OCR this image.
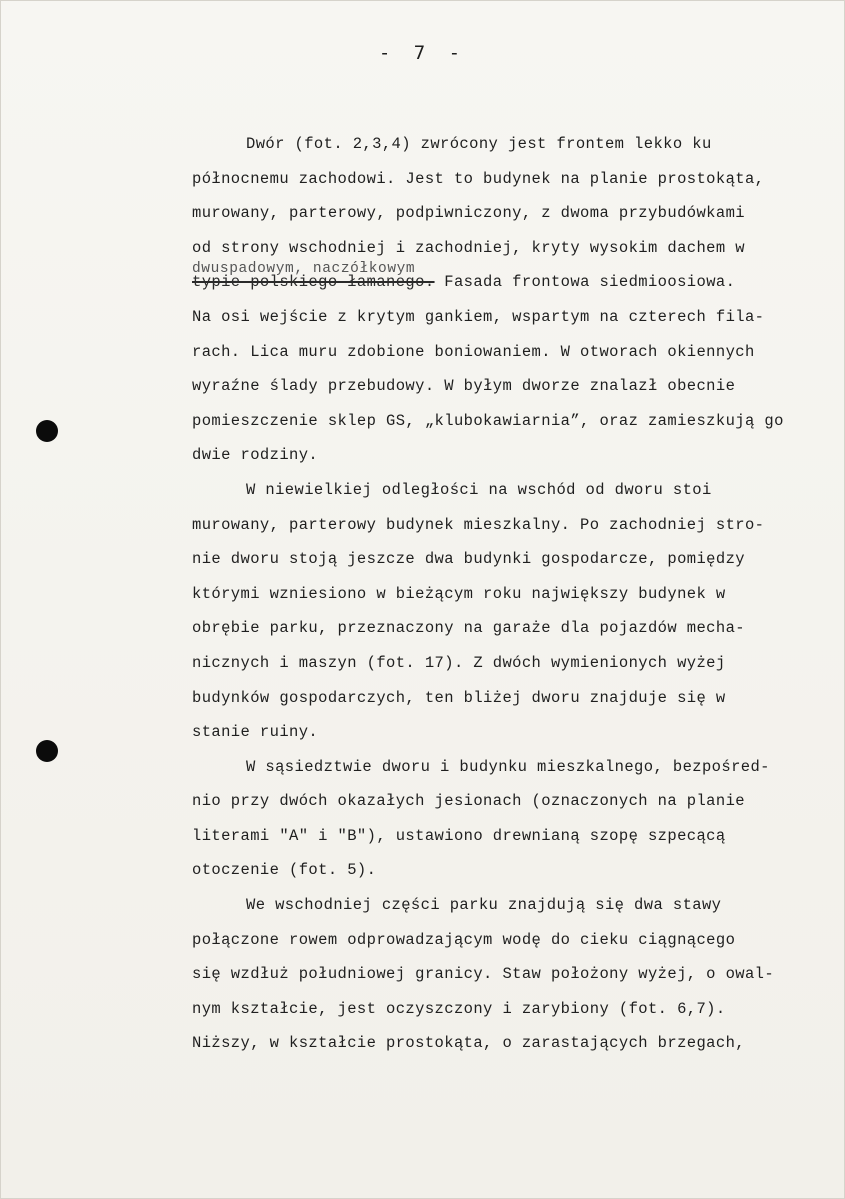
- 7 -
Dwór (fot. 2,3,4) zwrócony jest frontem lekko ku
północnemu zachodowi. Jest to budynek na planie prostokąta,
murowany, parterowy, podpiwniczony, z dwoma przybudówkami
od strony wschodniej i zachodniej, kryty wysokim dachem w
dwuspadowym, naczółkowym
typie polskiego łamanego. Fasada frontowa siedmioosiowa.
Na osi wejście z krytym gankiem, wspartym na czterech fila-
rach. Lica muru zdobione boniowaniem. W otworach okiennych
wyraźne ślady przebudowy. W byłym dworze znalazł obecnie
pomieszczenie sklep GS, „klubokawiarnia”, oraz zamieszkują go
dwie rodziny.
W niewielkiej odległości na wschód od dworu stoi
murowany, parterowy budynek mieszkalny. Po zachodniej stro-
nie dworu stoją jeszcze dwa budynki gospodarcze, pomiędzy
którymi wzniesiono w bieżącym roku największy budynek w
obrębie parku, przeznaczony na garaże dla pojazdów mecha-
nicznych i maszyn (fot. 17). Z dwóch wymienionych wyżej
budynków gospodarczych, ten bliżej dworu znajduje się w
stanie ruiny.
W sąsiedztwie dworu i budynku mieszkalnego, bezpośred-
nio przy dwóch okazałych jesionach (oznaczonych na planie
literami "A" i "B"), ustawiono drewnianą szopę szpecącą
otoczenie (fot. 5).
We wschodniej części parku znajdują się dwa stawy
połączone rowem odprowadzającym wodę do cieku ciągnącego
się wzdłuż południowej granicy. Staw położony wyżej, o owal-
nym kształcie, jest oczyszczony i zarybiony (fot. 6,7).
Niższy, w kształcie prostokąta, o zarastających brzegach,
